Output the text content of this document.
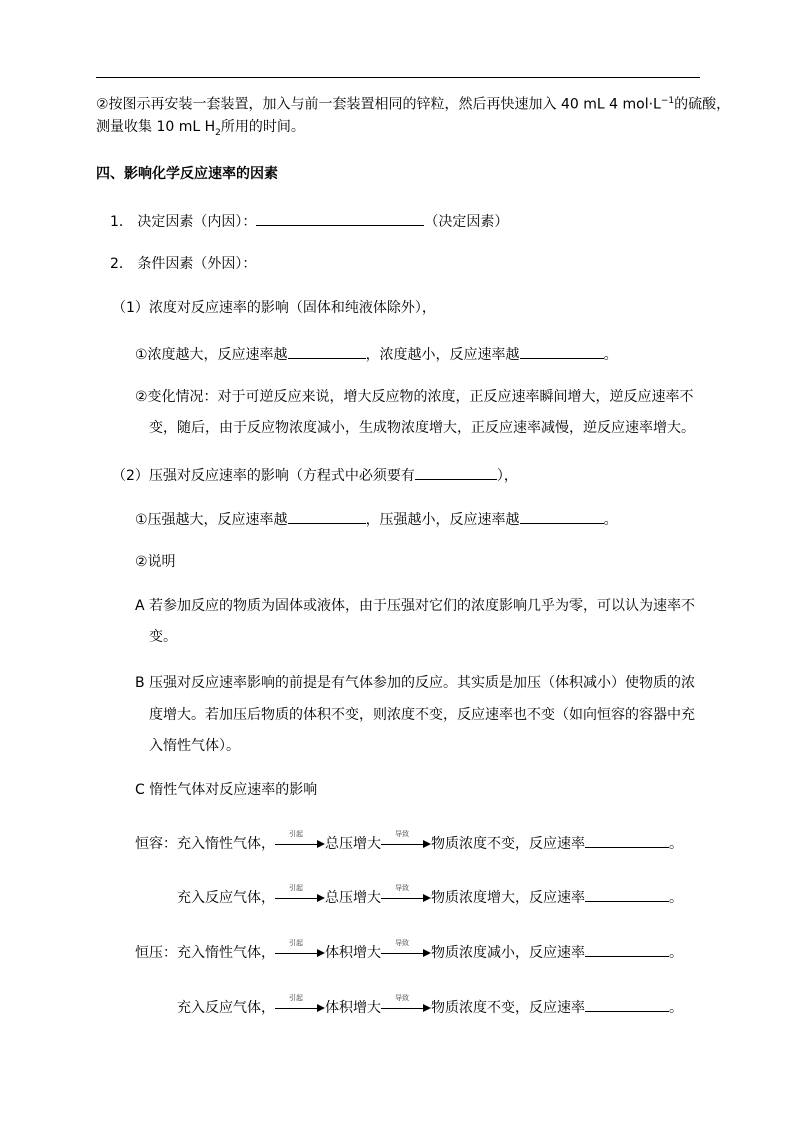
②按图示再安装一套装置，加入与前一套装置相同的锌粒，然后再快速加入 40 mL 4 $mol\cdot L^{-1}$的硫酸，
测量收集 10 mL $H_2$所用的时间。
四、影响化学反应速率的因素
1． 决定因素（内因）：	（决定因素）
2． 条件因素（外因）：
（1）浓度对反应速率的影响（固体和纯液体除外），
①浓度越大，反应速率越	，浓度越小，反应速率越	。
②变化情况：对于可逆反应来说，增大反应物的浓度，正反应速率瞬间增大，逆反应速率不
变，随后，由于反应物浓度减小，生成物浓度增大，正反应速率减慢，逆反应速率增大。
（2）压强对反应速率的影响（方程式中必须要有	），
①压强越大，反应速率越	，压强越小，反应速率越	。
②说明
A 若参加反应的物质为固体或液体，由于压强对它们的浓度影响几乎为零，可以认为速率不
变。
B 压强对反应速率影响的前提是有气体参加的反应。其实质是加压（体积减小）使物质的浓
度增大。若加压后物质的体积不变，则浓度不变，反应速率也不变（如向恒容的容器中充
入惰性气体）。
C 惰性气体对反应速率的影响
恒容：充入惰性气体，
引起
总压增大
导致
物质浓度不变，反应速率	。
充入反应气体，
引起
总压增大
导致
物质浓度增大，反应速率	。
恒压：充入惰性气体，
引起
体积增大
导致
物质浓度减小，反应速率	。
充入反应气体，
引起
体积增大
导致
物质浓度不变，反应速率	。
